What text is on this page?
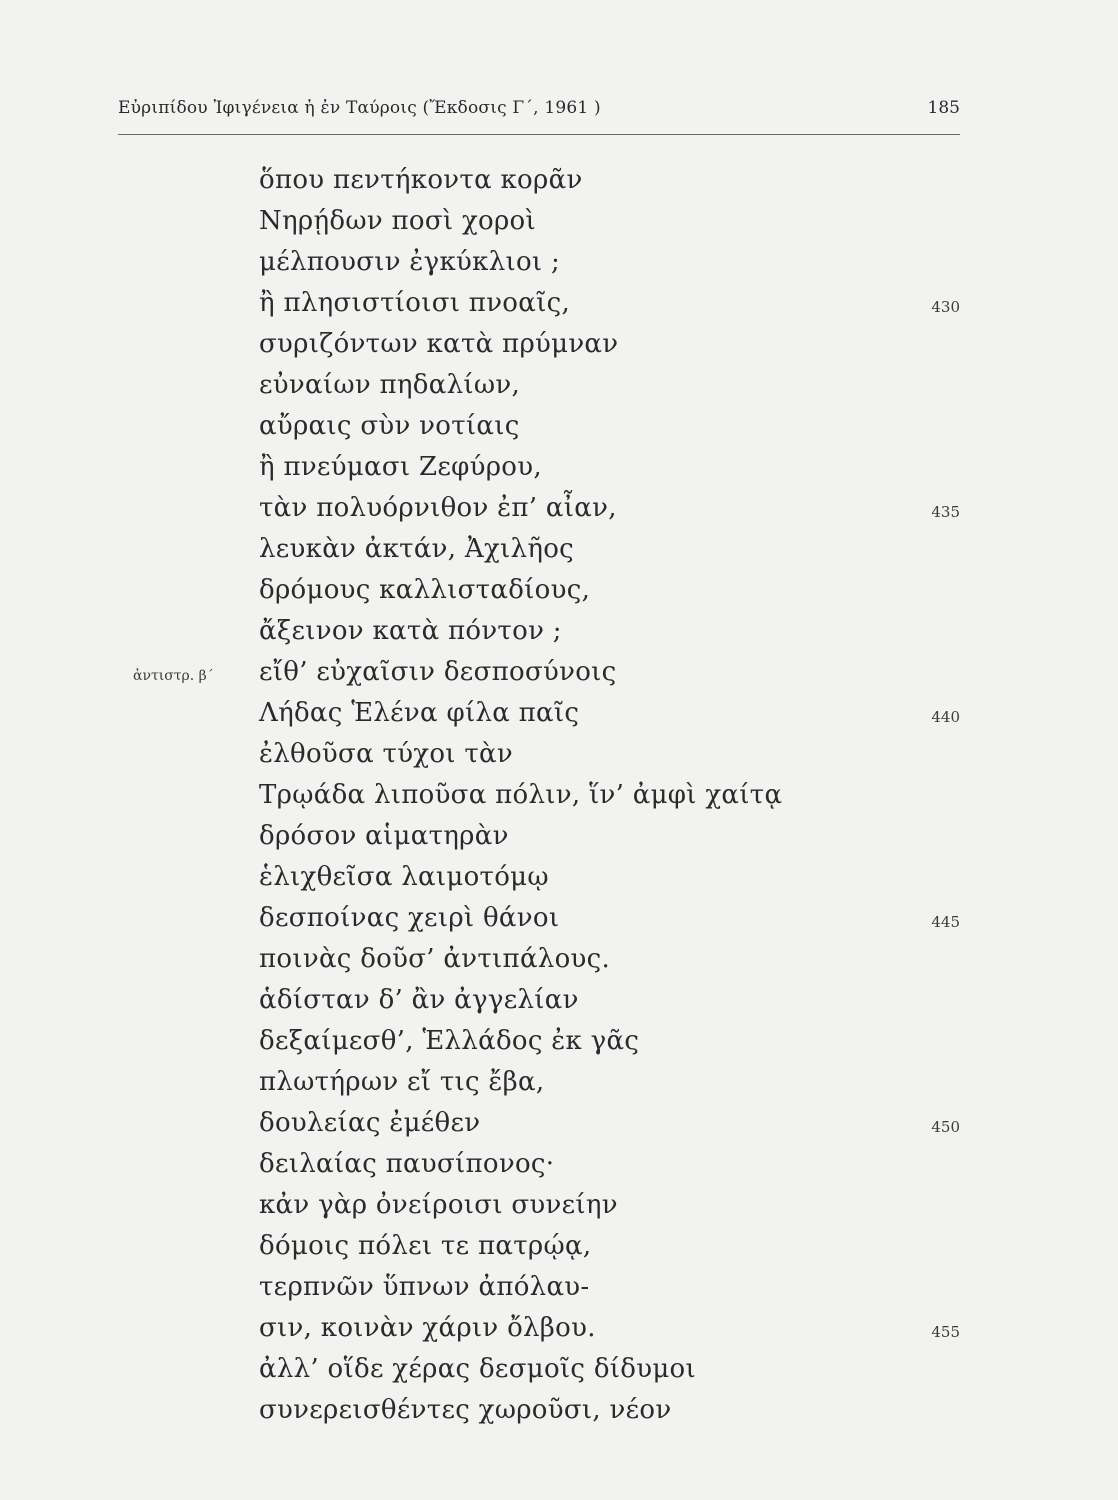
Εὐριπίδου Ἰφιγένεια ἡ ἐν Ταύροις (Ἔκδοσις Γ΄, 1961 )	185
ὅπου πεντήκοντα κορᾶν
Νηρῄδων ποσὶ χοροὶ
μέλπουσιν ἐγκύκλιοι ;
ἢ πλησιστίοισι πνοαῖς,	430
συριζόντων κατὰ πρύμναν
εὐναίων πηδαλίων,
αὔραις σὺν νοτίαις
ἢ πνεύμασι Ζεφύρου,
τὰν πολυόρνιθον ἐπ’ αἶαν,	435
λευκὰν ἀκτάν, Ἀχιλῆος
δρόμους καλλισταδίους,
ἄξεινον κατὰ πόντον ;
ἀντιστρ. β΄ εἴθ’ εὐχαῖσιν δεσποσύνοις
Λήδας Ἑλένα φίλα παῖς	440
ἐλθοῦσα τύχοι τὰν
Τρῳάδα λιποῦσα πόλιν, ἵν’ ἀμφὶ χαίτᾳ
δρόσον αἱματηρὰν
ἑλιχθεῖσα λαιμοτόμῳ
δεσποίνας χειρὶ θάνοι	445
ποινὰς δοῦσ’ ἀντιπάλους.
ἁδίσταν δ’ ἂν ἀγγελίαν
δεξαίμεσθ’, Ἑλλάδος ἐκ γᾶς
πλωτήρων εἴ τις ἔβα,
δουλείας ἐμέθεν	450
δειλαίας παυσίπονος·
κἀν γὰρ ὀνείροισι συνείην
δόμοις πόλει τε πατρῴᾳ,
τερπνῶν ὕπνων ἀπόλαυ-
σιν, κοινὰν χάριν ὄλβου.	455
ἀλλ’ οἵδε χέρας δεσμοῖς δίδυμοι
συνερεισθέντες χωροῦσι, νέον
